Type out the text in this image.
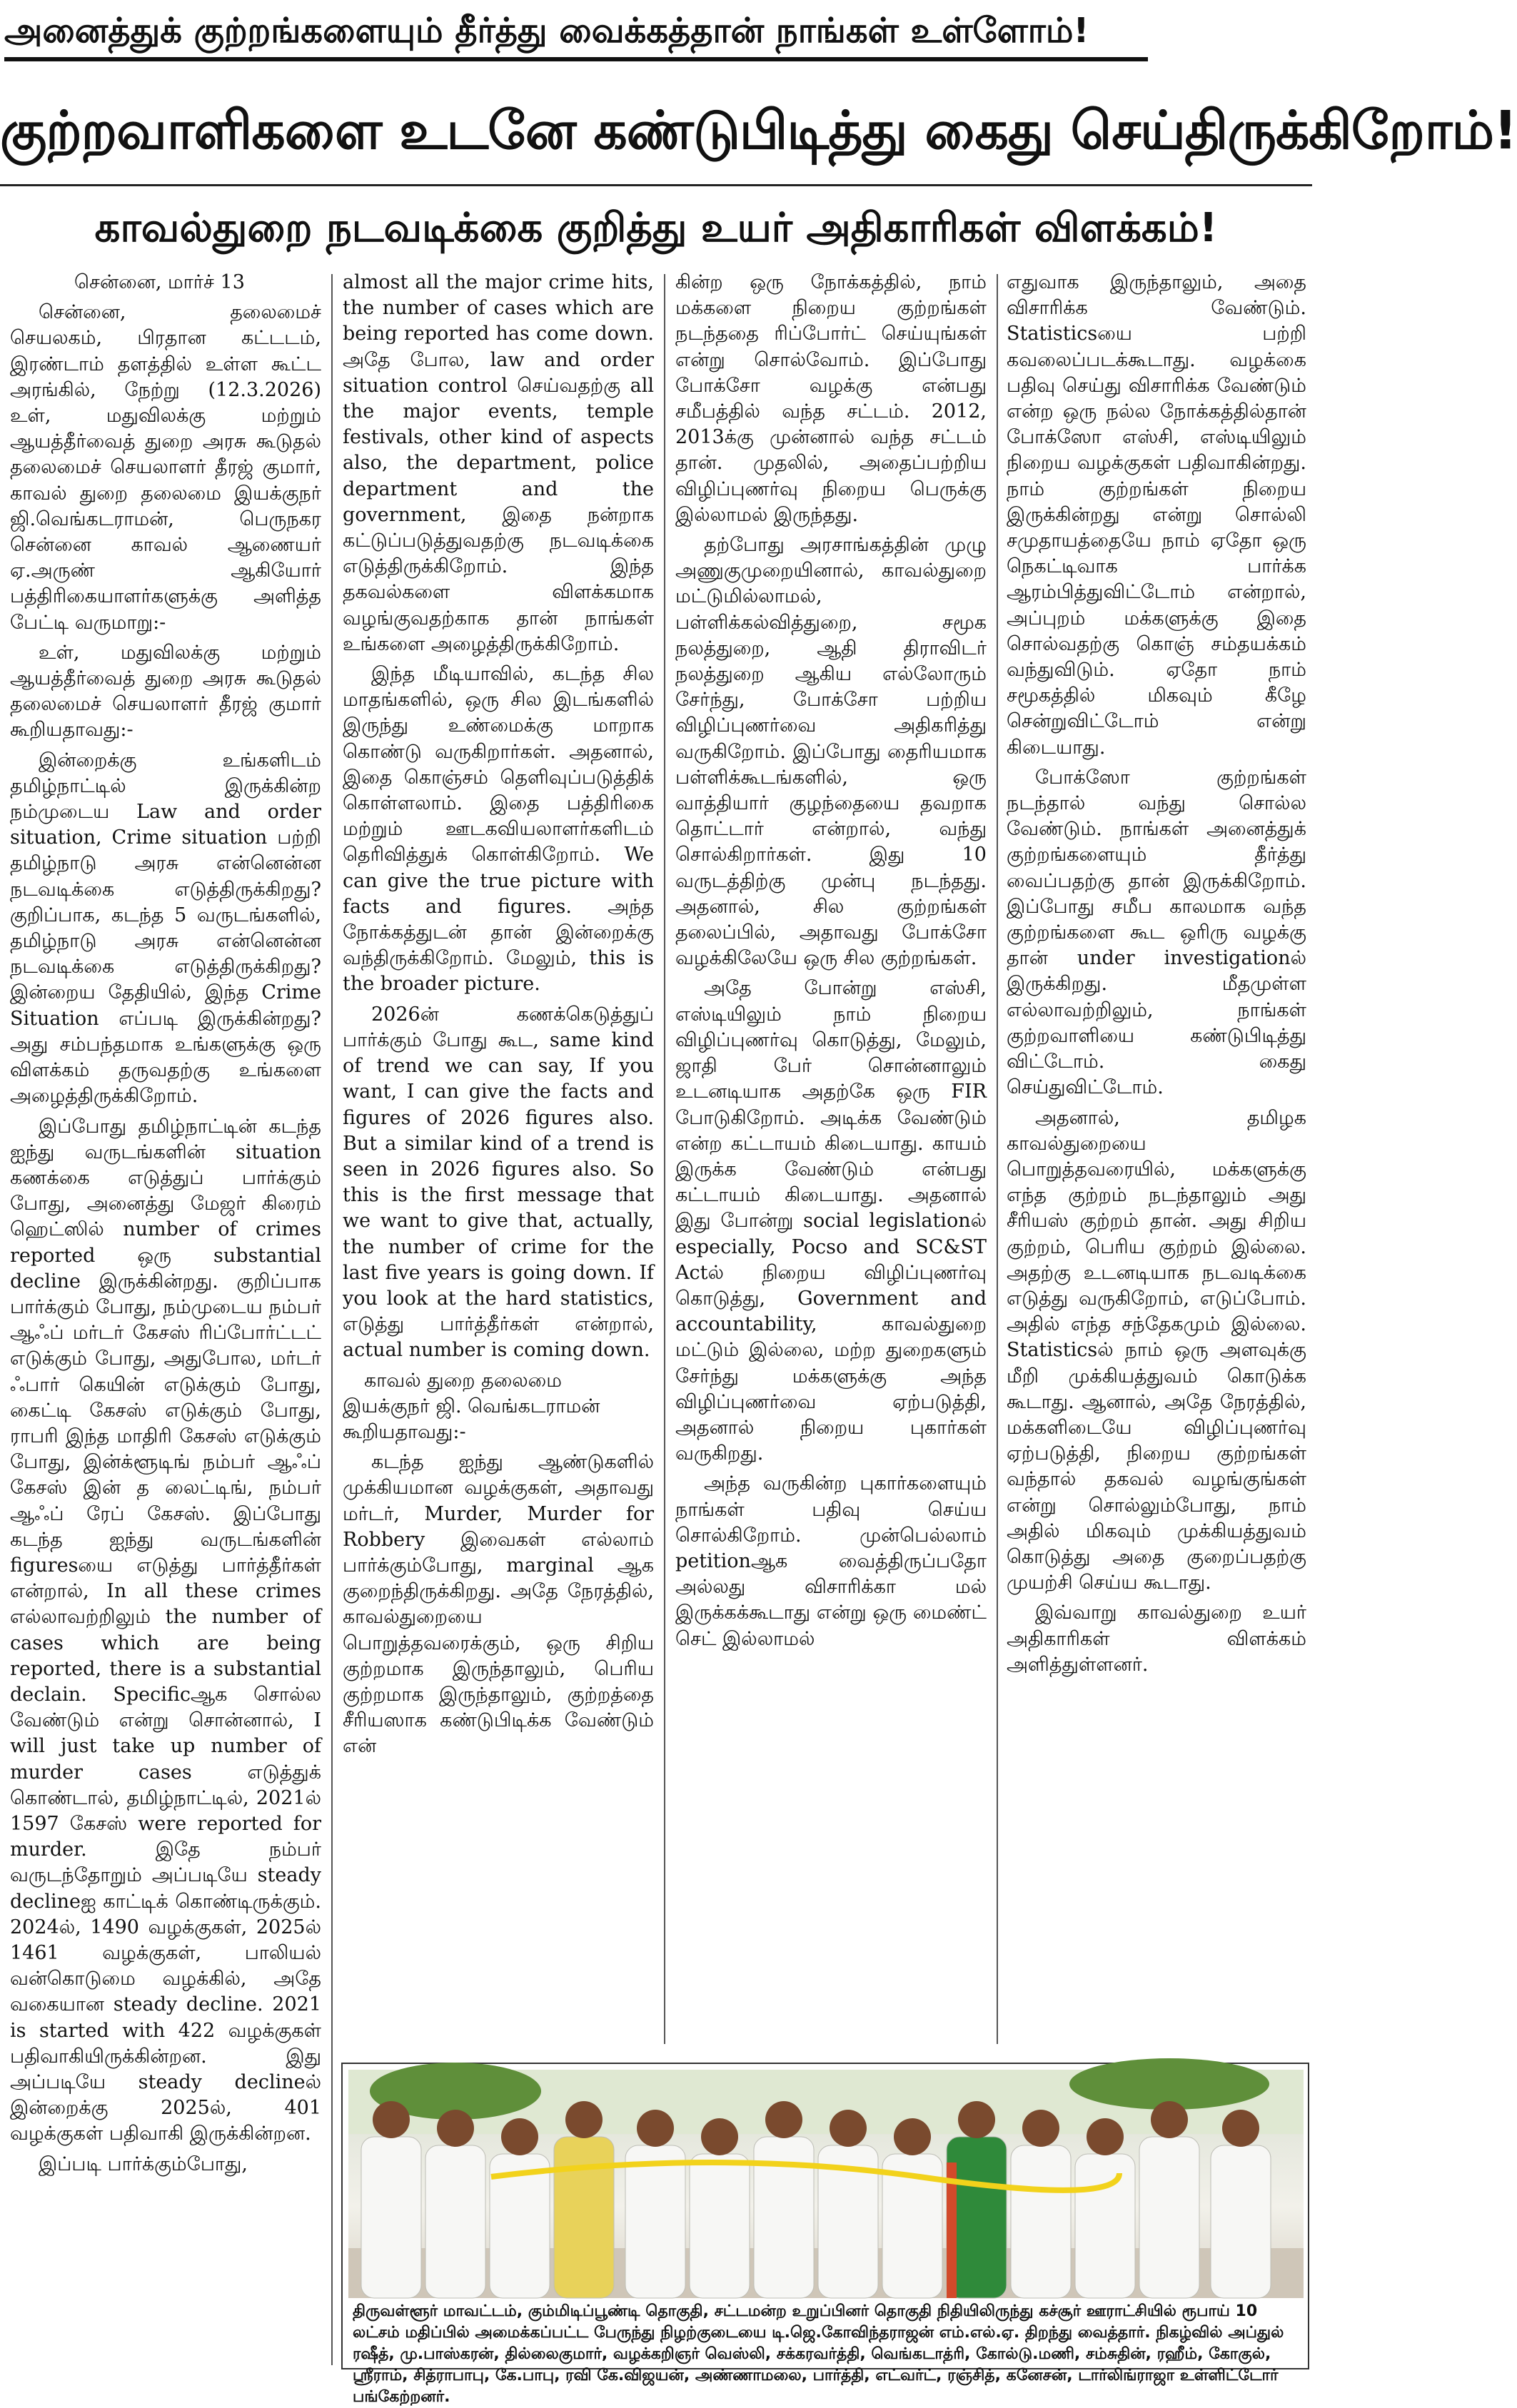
அனைத்துக் குற்றங்களையும் தீர்த்து வைக்கத்தான் நாங்கள் உள்ளோம்!
குற்றவாளிகளை உடனே கண்டுபிடித்து கைது செய்திருக்கிறோம்!
காவல்துறை நடவடிக்கை குறித்து உயர் அதிகாரிகள் விளக்கம்!

சென்னை, மார்ச் 13

சென்னை, தலைமைச் செயலகம், பிரதான கட்டடம், இரண்டாம் தளத்தில் உள்ள கூட்ட அரங்கில், நேற்று (12.3.2026) உள், மதுவிலக்கு மற்றும் ஆயத்தீர்வைத் துறை அரசு கூடுதல் தலைமைச் செயலாளர் தீரஜ் குமார், காவல் துறை தலைமை இயக்குநர் ஜி.வெங்கடராமன், பெருநகர சென்னை காவல் ஆணையர் ஏ.அருண் ஆகியோர் பத்திரிகையாளர்களுக்கு அளித்த பேட்டி வருமாறு:-

உள், மதுவிலக்கு மற்றும் ஆயத்தீர்வைத் துறை அரசு கூடுதல் தலைமைச் செயலாளர் தீரஜ் குமார் கூறியதாவது:-

இன்றைக்கு உங்களிடம் தமிழ்நாட்டில் இருக்கின்ற நம்முடைய Law and order situation, Crime situation பற்றி தமிழ்நாடு அரசு என்னென்ன நடவடிக்கை எடுத்திருக்கிறது? குறிப்பாக, கடந்த 5 வருடங்களில், தமிழ்நாடு அரசு என்னென்ன நடவடிக்கை எடுத்திருக்கிறது? இன்றைய தேதியில், இந்த Crime Situation எப்படி இருக்கின்றது? அது சம்பந்தமாக உங்களுக்கு ஒரு விளக்கம் தருவதற்கு உங்களை அழைத்திருக்கிறோம்.

இப்போது தமிழ்நாட்டின் கடந்த ஐந்து வருடங்களின் situation கணக்கை எடுத்துப் பார்க்கும் போது, அனைத்து மேஜர் கிரைம் ஹெட்ஸில் number of crimes reported ஒரு substantial decline இருக்கின்றது. குறிப்பாக பார்க்கும் போது, நம்முடைய நம்பர் ஆஃப் மர்டர் கேசஸ் ரிப்போர்ட்டட் எடுக்கும் போது, அதுபோல, மர்டர் ஃபார் கெயின் எடுக்கும் போது, கைட்டி கேசஸ் எடுக்கும் போது, ராபரி இந்த மாதிரி கேசஸ் எடுக்கும் போது, இன்க்ளூடிங் நம்பர் ஆஃப் கேசஸ் இன் த லைட்டிங், நம்பர் ஆஃப் ரேப் கேசஸ். இப்போது கடந்த ஐந்து வருடங்களின் figuresயை எடுத்து பார்த்தீர்கள் என்றால், In all these crimes எல்லாவற்றிலும் the number of cases which are being reported, there is a substantial declain. Specificஆக சொல்ல வேண்டும் என்று சொன்னால், I will just take up number of murder cases எடுத்துக் கொண்டால், தமிழ்நாட்டில், 2021ல் 1597 கேசஸ் were reported for murder. இதே நம்பர் வருடந்தோறும் அப்படியே steady declineஐ காட்டிக் கொண்டிருக்கும். 2024ல், 1490 வழக்குகள், 2025ல் 1461 வழக்குகள், பாலியல் வன்கொடுமை வழக்கில், அதே வகையான steady decline. 2021 is started with 422 வழக்குகள் பதிவாகியிருக்கின்றன. இது அப்படியே steady declineல் இன்றைக்கு 2025ல், 401 வழக்குகள் பதிவாகி இருக்கின்றன.

இப்படி பார்க்கும்போது,

almost all the major crime hits, the number of cases which are being reported has come down. அதே போல, law and order situation control செய்வதற்கு all the major events, temple festivals, other kind of aspects also, the department, police department and the government, இதை நன்றாக கட்டுப்படுத்துவதற்கு நடவடிக்கை எடுத்திருக்கிறோம். இந்த தகவல்களை விளக்கமாக வழங்குவதற்காக தான் நாங்கள் உங்களை அழைத்திருக்கிறோம்.

இந்த மீடியாவில், கடந்த சில மாதங்களில், ஒரு சில இடங்களில் இருந்து உண்மைக்கு மாறாக கொண்டு வருகிறார்கள். அதனால், இதை கொஞ்சம் தெளிவுப்படுத்திக் கொள்ளலாம். இதை பத்திரிகை மற்றும் ஊடகவியலாளர்களிடம் தெரிவித்துக் கொள்கிறோம். We can give the true picture with facts and figures. அந்த நோக்கத்துடன் தான் இன்றைக்கு வந்திருக்கிறோம். மேலும், this is the broader picture.

2026ன் கணக்கெடுத்துப் பார்க்கும் போது கூட, same kind of trend we can say, If you want, I can give the facts and figures of 2026 figures also. But a similar kind of a trend is seen in 2026 figures also. So this is the first message that we want to give that, actually, the number of crime for the last five years is going down. If you look at the hard statistics, எடுத்து பார்த்தீர்கள் என்றால், actual number is coming down.

காவல் துறை தலைமை இயக்குநர் ஜி. வெங்கடராமன் கூறியதாவது:-

கடந்த ஐந்து ஆண்டுகளில் முக்கியமான வழக்குகள், அதாவது மர்டர், Murder, Murder for Robbery இவைகள் எல்லாம் பார்க்கும்போது, marginal ஆக குறைந்திருக்கிறது. அதே நேரத்தில், காவல்துறையை பொறுத்தவரைக்கும், ஒரு சிறிய குற்றமாக இருந்தாலும், பெரிய குற்றமாக இருந்தாலும், குற்றத்தை சீரியஸாக கண்டுபிடிக்க வேண்டும் என்

கின்ற ஒரு நோக்கத்தில், நாம் மக்களை நிறைய குற்றங்கள் நடந்ததை ரிப்போர்ட் செய்யுங்கள் என்று சொல்வோம். இப்போது போக்சோ வழக்கு என்பது சமீபத்தில் வந்த சட்டம். 2012, 2013க்கு முன்னால் வந்த சட்டம் தான். முதலில், அதைப்பற்றிய விழிப்புணர்வு நிறைய பெருக்கு இல்லாமல் இருந்தது.

தற்போது அரசாங்கத்தின் முழு அணுகுமுறையினால், காவல்துறை மட்டுமில்லாமல், பள்ளிக்கல்வித்துறை, சமூக நலத்துறை, ஆதி திராவிடர் நலத்துறை ஆகிய எல்லோரும் சேர்ந்து, போக்சோ பற்றிய விழிப்புணர்வை அதிகரித்து வருகிறோம். இப்போது தைரியமாக பள்ளிக்கூடங்களில், ஒரு வாத்தியார் குழந்தையை தவறாக தொட்டார் என்றால், வந்து சொல்கிறார்கள். இது 10 வருடத்திற்கு முன்பு நடந்தது. அதனால், சில குற்றங்கள் தலைப்பில், அதாவது போக்சோ வழக்கிலேயே ஒரு சில குற்றங்கள்.

அதே போன்று எஸ்சி, எஸ்டியிலும் நாம் நிறைய விழிப்புணர்வு கொடுத்து, மேலும், ஜாதி பேர் சொன்னாலும் உடனடியாக அதற்கே ஒரு FIR போடுகிறோம். அடிக்க வேண்டும் என்ற கட்டாயம் கிடையாது. காயம் இருக்க வேண்டும் என்பது கட்டாயம் கிடையாது. அதனால் இது போன்று social legislationல் especially, Pocso and SC&ST Actல் நிறைய விழிப்புணர்வு கொடுத்து, Government and accountability, காவல்துறை மட்டும் இல்லை, மற்ற துறைகளும் சேர்ந்து மக்களுக்கு அந்த விழிப்புணர்வை ஏற்படுத்தி, அதனால் நிறைய புகார்கள் வருகிறது.

அந்த வருகின்ற புகார்களையும் நாங்கள் பதிவு செய்ய சொல்கிறோம். முன்பெல்லாம் petitionஆக வைத்திருப்பதோ அல்லது விசாரிக்கா மல் இருக்கக்கூடாது என்று ஒரு மைண்ட் செட் இல்லாமல்

எதுவாக இருந்தாலும், அதை விசாரிக்க வேண்டும். Statisticsயை பற்றி கவலைப்படக்கூடாது. வழக்கை பதிவு செய்து விசாரிக்க வேண்டும் என்ற ஒரு நல்ல நோக்கத்தில்தான் போக்ஸோ எஸ்சி, எஸ்டியிலும் நிறைய வழக்குகள் பதிவாகின்றது. நாம் குற்றங்கள் நிறைய இருக்கின்றது என்று சொல்லி சமுதாயத்தையே நாம் ஏதோ ஒரு நெகட்டிவாக பார்க்க ஆரம்பித்துவிட்டோம் என்றால், அப்புறம் மக்களுக்கு இதை சொல்வதற்கு கொஞ் சம்தயக்கம் வந்துவிடும். ஏதோ நாம் சமூகத்தில் மிகவும் கீழே சென்றுவிட்டோம் என்று கிடையாது.

போக்ஸோ குற்றங்கள் நடந்தால் வந்து சொல்ல வேண்டும். நாங்கள் அனைத்துக் குற்றங்களையும் தீர்த்து வைப்பதற்கு தான் இருக்கிறோம். இப்போது சமீப காலமாக வந்த குற்றங்களை கூட ஒரிரு வழக்கு தான் under investigationல் இருக்கிறது. மீதமுள்ள எல்லாவற்றிலும், நாங்கள் குற்றவாளியை கண்டுபிடித்து விட்டோம். கைது செய்துவிட்டோம்.

அதனால், தமிழக காவல்துறையை பொறுத்தவரையில், மக்களுக்கு எந்த குற்றம் நடந்தாலும் அது சீரியஸ் குற்றம் தான். அது சிறிய குற்றம், பெரிய குற்றம் இல்லை. அதற்கு உடனடியாக நடவடிக்கை எடுத்து வருகிறோம், எடுப்போம். அதில் எந்த சந்தேகமும் இல்லை. Statisticsல் நாம் ஒரு அளவுக்கு மீறி முக்கியத்துவம் கொடுக்க கூடாது. ஆனால், அதே நேரத்தில், மக்களிடையே விழிப்புணர்வு ஏற்படுத்தி, நிறைய குற்றங்கள் வந்தால் தகவல் வழங்குங்கள் என்று சொல்லும்போது, நாம் அதில் மிகவும் முக்கியத்துவம் கொடுத்து அதை குறைப்பதற்கு முயற்சி செய்ய கூடாது.

இவ்வாறு காவல்துறை உயர் அதிகாரிகள் விளக்கம் அளித்துள்ளனர்.

திருவள்ளூர் மாவட்டம், கும்மிடிப்பூண்டி தொகுதி, சட்டமன்ற உறுப்பினர் தொகுதி நிதியிலிருந்து கச்சூர் ஊராட்சியில் ரூபாய் 10 லட்சம் மதிப்பில் அமைக்கப்பட்ட பேருந்து நிழற்குடையை டி.ஜெ.கோவிந்தராஜன் எம்.எல்.ஏ. திறந்து வைத்தார். நிகழ்வில் அப்துல் ரஷீத், மு.பாஸ்கரன், தில்லைகுமார், வழக்கறிஞர் வெஸ்லி, சக்கரவர்த்தி, வெங்கடாத்ரி, கோல்டு.மணி, சம்சுதின், ரஹீம், கோகுல், ஸ்ரீராம், சித்ராபாபு, கே.பாபு, ரவி கே.விஜயன், அண்ணாமலை, பார்த்தி, எட்வர்ட், ரஞ்சித், கனேசன், டார்லிங்ராஜா உள்ளிட்டோர் பங்கேற்றனர்.
